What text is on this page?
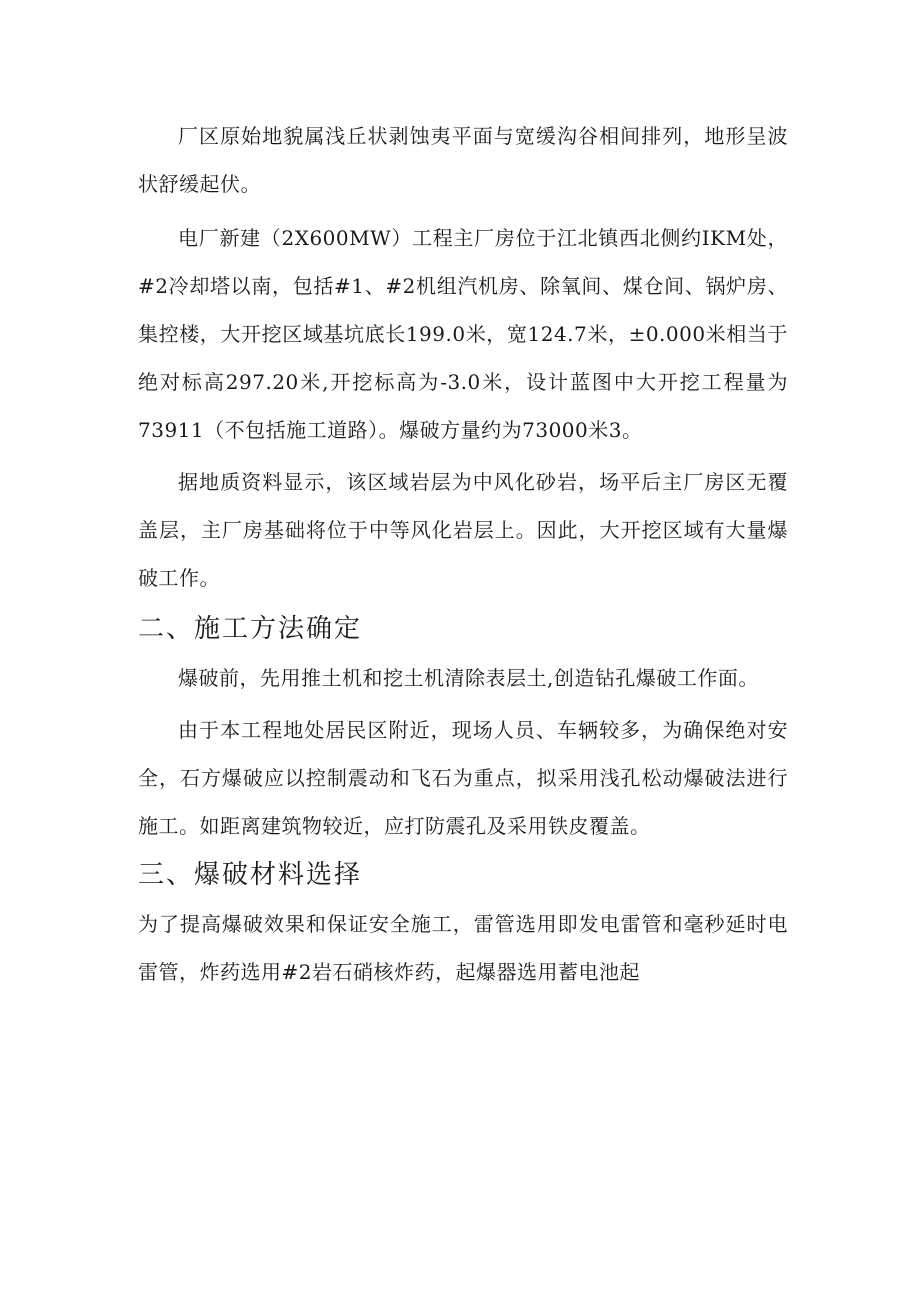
厂区原始地貌属浅丘状剥蚀夷平面与宽缓沟谷相间排列，地形呈波状舒缓起伏。

电厂新建（2X600MW）工程主厂房位于江北镇西北侧约IKM处，#2冷却塔以南，包括#1、#2机组汽机房、除氧间、煤仓间、锅炉房、集控楼，大开挖区域基坑底长199.0米，宽124.7米，±0.000米相当于绝对标高297.20米,开挖标高为-3.0米，设计蓝图中大开挖工程量为73911（不包括施工道路）。爆破方量约为73000米3。

据地质资料显示，该区域岩层为中风化砂岩，场平后主厂房区无覆盖层，主厂房基础将位于中等风化岩层上。因此，大开挖区域有大量爆破工作。

二、施工方法确定

爆破前，先用推土机和挖土机清除表层土,创造钻孔爆破工作面。

由于本工程地处居民区附近，现场人员、车辆较多，为确保绝对安全，石方爆破应以控制震动和飞石为重点，拟采用浅孔松动爆破法进行施工。如距离建筑物较近，应打防震孔及采用铁皮覆盖。

三、爆破材料选择

为了提高爆破效果和保证安全施工，雷管选用即发电雷管和毫秒延时电雷管，炸药选用#2岩石硝核炸药，起爆器选用蓄电池起
